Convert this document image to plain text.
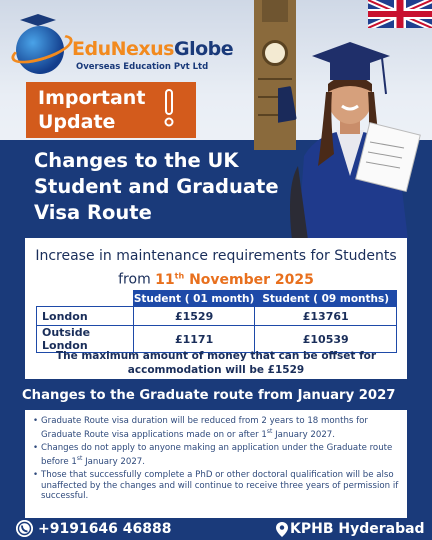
EduNexusGlobe
Overseas Education Pvt Ltd
Important Update
Changes to the UK Student and Graduate Visa Route
Increase in maintenance requirements for Students
from 11th November 2025
	Student ( 01 month)	Student ( 09 months)
London	£1529	£13761
Outside London	£1171	£10539
The maximum amount of money that can be offset for accommodation will be £1529
Changes to the Graduate route from January 2027
• Graduate Route visa duration will be reduced from 2 years to 18 months for Graduate Route visa applications made on or after 1st January 2027.
• Changes do not apply to anyone making an application under the Graduate route before 1st January 2027.
• Those that successfully complete a PhD or other doctoral qualification will be also unaffected by the changes and will continue to receive three years of permission if successful.
+9191646 46888	KPHB Hyderabad
